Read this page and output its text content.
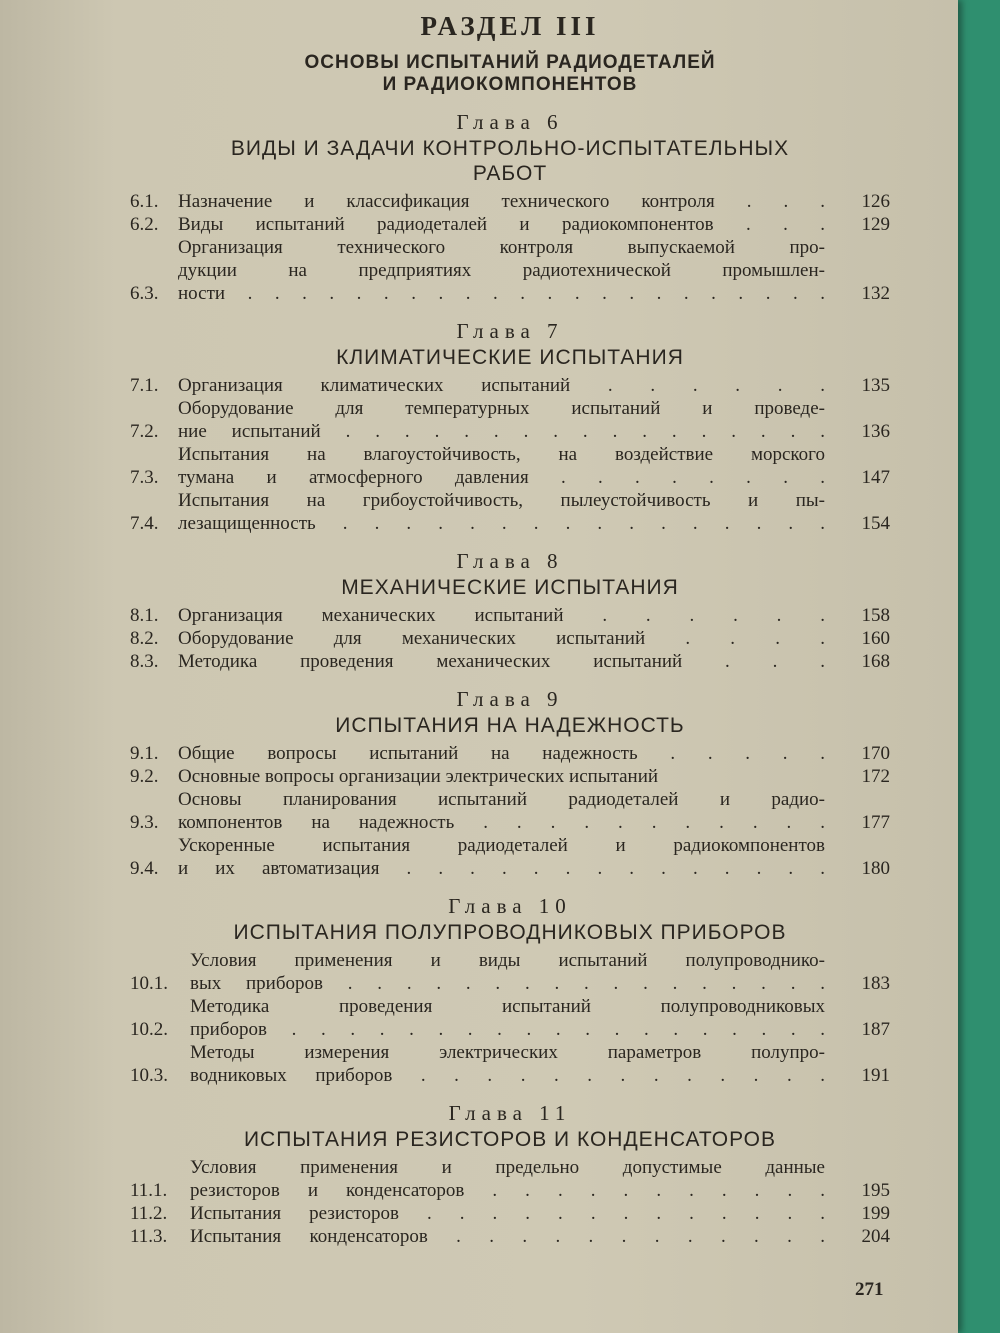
РАЗДЕЛ III
ОСНОВЫ ИСПЫТАНИЙ РАДИОДЕТАЛЕЙ
И РАДИОКОМПОНЕНТОВ
Глава 6
ВИДЫ И ЗАДАЧИ КОНТРОЛЬНО-ИСПЫТАТЕЛЬНЫХ
РАБОТ
6.1.	Назначение и классификация технического контроля . . .	126
6.2.	Виды испытаний радиодеталей и радиокомпонентов . . .	129
6.3.
Организация технического контроля выпускаемой про-
дукции на предприятиях радиотехнической промышлен-
ности . . . . . . . . . . . . . . . . . . . . . .	132
Глава 7
КЛИМАТИЧЕСКИЕ ИСПЫТАНИЯ
7.1.	Организация климатических испытаний . . . . . .	135
7.2.
Оборудование для температурных испытаний и проведе-
ние испытаний . . . . . . . . . . . . . . . . .	136
7.3.
Испытания на влагоустойчивость, на воздействие морского
тумана и атмосферного давления . . . . . . . .	147
7.4.
Испытания на грибоустойчивость, пылеустойчивость и пы-
лезащищенность . . . . . . . . . . . . . . . .	154
Глава 8
МЕХАНИЧЕСКИЕ ИСПЫТАНИЯ
8.1.	Организация механических испытаний . . . . . .	158
8.2.	Оборудование для механических испытаний . . . .	160
8.3.	Методика проведения механических испытаний . . .	168
Глава 9
ИСПЫТАНИЯ НА НАДЕЖНОСТЬ
9.1.	Общие вопросы испытаний на надежность . . . . .	170
9.2.	Основные вопросы организации электрических испытаний	172
9.3.
Основы планирования испытаний радиодеталей и радио-
компонентов на надежность . . . . . . . . . . .	177
9.4.
Ускоренные испытания радиодеталей и радиокомпонентов
и их автоматизация . . . . . . . . . . . . . .	180
Глава 10
ИСПЫТАНИЯ ПОЛУПРОВОДНИКОВЫХ ПРИБОРОВ
10.1.
Условия применения и виды испытаний полупроводнико-
вых приборов . . . . . . . . . . . . . . . . .	183
10.2.
Методика проведения испытаний полупроводниковых
приборов . . . . . . . . . . . . . . . . . . .	187
10.3.
Методы измерения электрических параметров полупро-
водниковых приборов . . . . . . . . . . . . .	191
Глава 11
ИСПЫТАНИЯ РЕЗИСТОРОВ И КОНДЕНСАТОРОВ
11.1.
Условия применения и предельно допустимые данные
резисторов и конденсаторов . . . . . . . . . . .	195
11.2.	Испытания резисторов . . . . . . . . . . . . .	199
11.3.	Испытания конденсаторов . . . . . . . . . . . .	204
271
